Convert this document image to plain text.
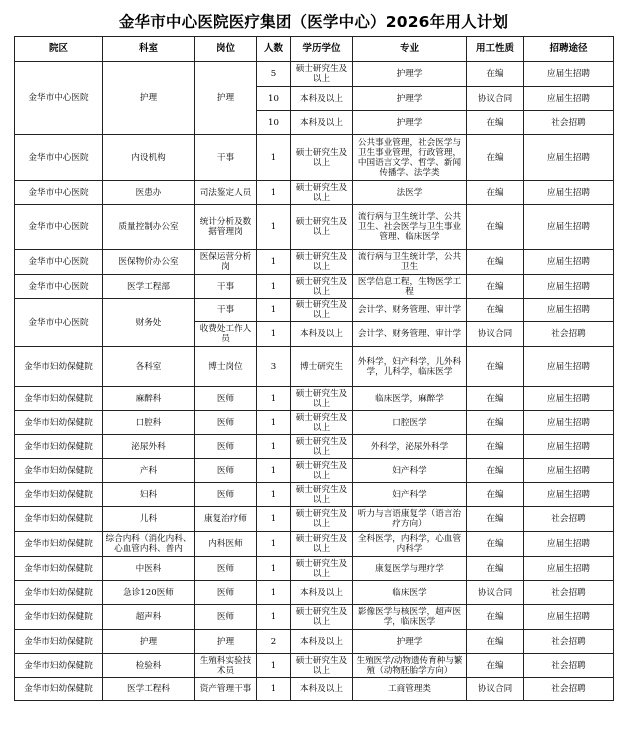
金华市中心医院医疗集团（医学中心）2026年用人计划
院区	科室	岗位	人数	学历学位	专业	用工性质	招聘途径
金华市中心医院	护理	护理	5	硕士研究生及以上	护理学	在编	应届生招聘
			10	本科及以上	护理学	协议合同	应届生招聘
			10	本科及以上	护理学	在编	社会招聘
金华市中心医院	内设机构	干事	1	硕士研究生及以上	公共事业管理，社会医学与卫生事业管理，行政管理，中国语言文学、哲学、新闻传播学、法学类	在编	应届生招聘
金华市中心医院	医患办	司法鉴定人员	1	硕士研究生及以上	法医学	在编	应届生招聘
金华市中心医院	质量控制办公室	统计分析及数据管理岗	1	硕士研究生及以上	流行病与卫生统计学、公共卫生、社会医学与卫生事业管理、临床医学	在编	应届生招聘
金华市中心医院	医保物价办公室	医保运营分析岗	1	硕士研究生及以上	流行病与卫生统计学，公共卫生	在编	应届生招聘
金华市中心医院	医学工程部	干事	1	硕士研究生及以上	医学信息工程，生物医学工程	在编	应届生招聘
金华市中心医院	财务处	干事	1	硕士研究生及以上	会计学、财务管理、审计学	在编	应届生招聘
		收费处工作人员	1	本科及以上	会计学、财务管理、审计学	协议合同	社会招聘
金华市妇幼保健院	各科室	博士岗位	3	博士研究生	外科学，妇产科学，儿外科学，儿科学，临床医学	在编	应届生招聘
金华市妇幼保健院	麻醉科	医师	1	硕士研究生及以上	临床医学，麻醉学	在编	应届生招聘
金华市妇幼保健院	口腔科	医师	1	硕士研究生及以上	口腔医学	在编	应届生招聘
金华市妇幼保健院	泌尿外科	医师	1	硕士研究生及以上	外科学，泌尿外科学	在编	应届生招聘
金华市妇幼保健院	产科	医师	1	硕士研究生及以上	妇产科学	在编	应届生招聘
金华市妇幼保健院	妇科	医师	1	硕士研究生及以上	妇产科学	在编	应届生招聘
金华市妇幼保健院	儿科	康复治疗师	1	硕士研究生及以上	听力与言语康复学（语言治疗方向）	在编	社会招聘
金华市妇幼保健院	综合内科（消化内科、心血管内科、普内	内科医师	1	硕士研究生及以上	全科医学，内科学，心血管内科学	在编	应届生招聘
金华市妇幼保健院	中医科	医师	1	硕士研究生及以上	康复医学与理疗学	在编	应届生招聘
金华市妇幼保健院	急诊120医师	医师	1	本科及以上	临床医学	协议合同	社会招聘
金华市妇幼保健院	超声科	医师	1	硕士研究生及以上	影像医学与核医学，超声医学，临床医学	在编	应届生招聘
金华市妇幼保健院	护理	护理	2	本科及以上	护理学	在编	社会招聘
金华市妇幼保健院	检验科	生殖科实验技术员	1	硕士研究生及以上	生殖医学/动物遗传育种与繁殖（动物胚胎学方向）	在编	社会招聘
金华市妇幼保健院	医学工程科	资产管理干事	1	本科及以上	工商管理类	协议合同	社会招聘
